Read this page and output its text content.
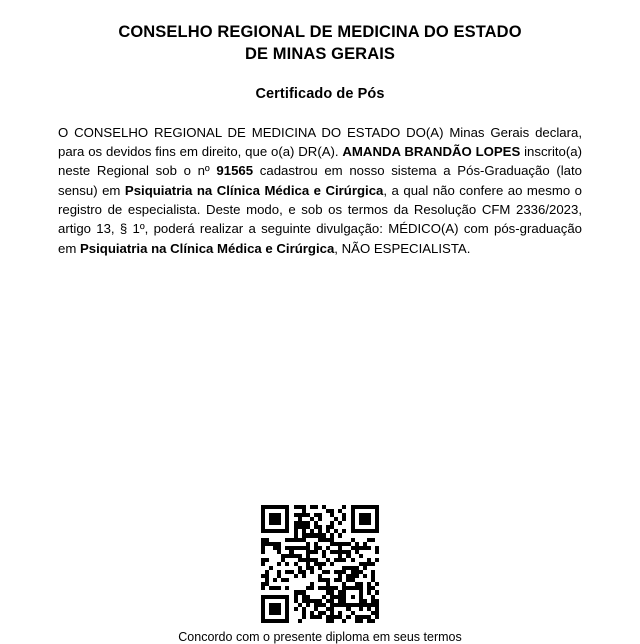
CONSELHO REGIONAL DE MEDICINA DO ESTADO
DE MINAS GERAIS
Certificado de Pós

O CONSELHO REGIONAL DE MEDICINA DO ESTADO DO(A) Minas Gerais declara, para os devidos fins em direito, que o(a) DR(A). AMANDA BRANDÃO LOPES inscrito(a) neste Regional sob o nº 91565 cadastrou em nosso sistema a Pós-Graduação (lato sensu) em Psiquiatria na Clínica Médica e Cirúrgica, a qual não confere ao mesmo o registro de especialista. Deste modo, e sob os termos da Resolução CFM 2336/2023, artigo 13, § 1º, poderá realizar a seguinte divulgação: MÉDICO(A) com pós-graduação em Psiquiatria na Clínica Médica e Cirúrgica, NÃO ESPECIALISTA.

Concordo com o presente diploma em seus termos
